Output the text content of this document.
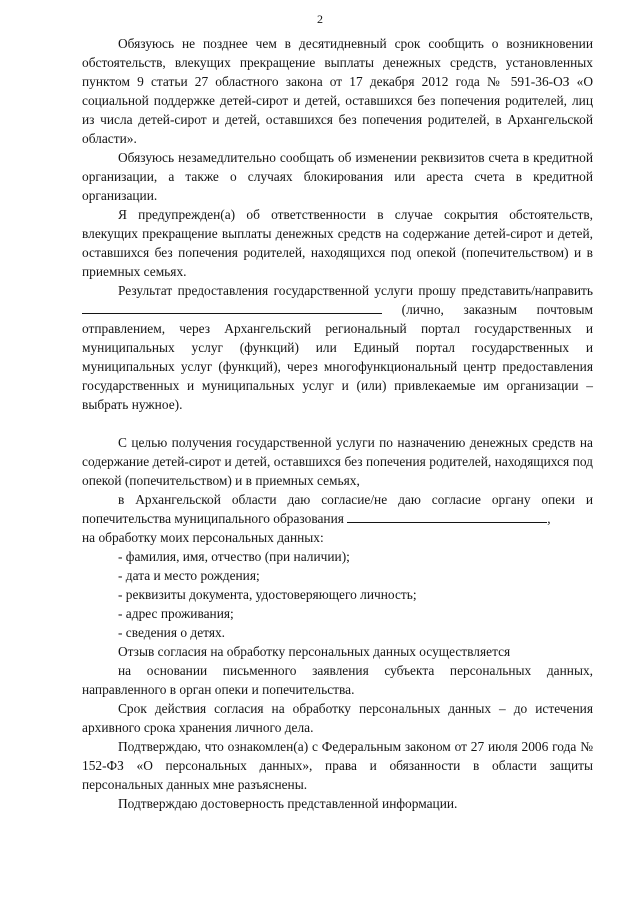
2

Обязуюсь не позднее чем в десятидневный срок сообщить о возникновении обстоятельств, влекущих прекращение выплаты денежных средств, установленных пунктом 9 статьи 27 областного закона от 17 декабря 2012 года № 591-36-ОЗ «О социальной поддержке детей-сирот и детей, оставшихся без попечения родителей, лиц из числа детей-сирот и детей, оставшихся без попечения родителей, в Архангельской области».

Обязуюсь незамедлительно сообщать об изменении реквизитов счета в кредитной организации, а также о случаях блокирования или ареста счета в кредитной организации.

Я предупрежден(а) об ответственности в случае сокрытия обстоятельств, влекущих прекращение выплаты денежных средств на содержание детей-сирот и детей, оставшихся без попечения родителей, находящихся под опекой (попечительством) и в приемных семьях.

Результат предоставления государственной услуги прошу представить/направить  (лично, заказным почтовым отправлением, через Архангельский региональный портал государственных и муниципальных услуг (функций) или Единый портал государственных и муниципальных услуг (функций), через многофункциональный центр предоставления государственных и муниципальных услуг и (или) привлекаемые им организации – выбрать нужное).

С целью получения государственной услуги по назначению денежных средств на содержание детей-сирот и детей, оставшихся без попечения родителей, находящихся под опекой (попечительством) и в приемных семьях,

в Архангельской области даю согласие/не даю согласие органу опеки и попечительства муниципального образования	,

на обработку моих персональных данных:

- фамилия, имя, отчество (при наличии);

- дата и место рождения;

- реквизиты документа, удостоверяющего личность;

- адрес проживания;

- сведения о детях.

Отзыв согласия на обработку персональных данных осуществляется

на основании письменного заявления субъекта персональных данных, направленного в орган опеки и попечительства.

Срок действия согласия на обработку персональных данных – до истечения архивного срока хранения личного дела.

Подтверждаю, что ознакомлен(а) с Федеральным законом от 27 июля 2006 года № 152-ФЗ «О персональных данных», права и обязанности в области защиты персональных данных мне разъяснены.

Подтверждаю достоверность представленной информации.
